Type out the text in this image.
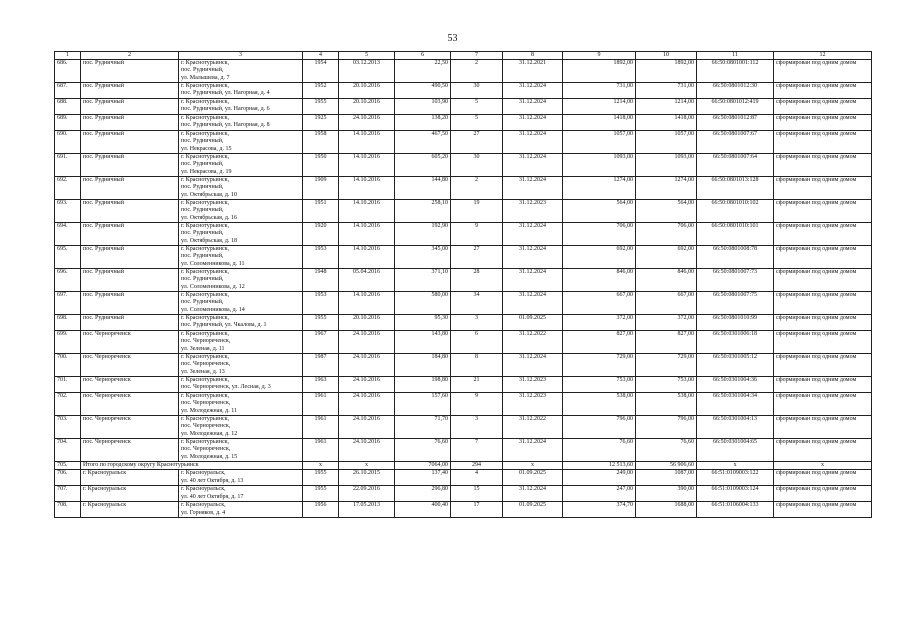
53
1	2	3	4	5	6	7	8	9	10	11	12
686.	пос. Рудничный	г. Краснотурьинск,
пос. Рудничный,
ул. Малышева, д. 7	1954	03.12.2013	22,50	2	31.12.2021	1892,00	1892,00	66:50:0801001:112	сформирован под одним домом
687.	пос. Рудничный	г. Краснотурьинск,
пос. Рудничный, ул. Нагорная, д. 4	1952	20.10.2016	490,50	30	31.12.2024	731,00	731,00	66:50:0801012:30	сформирован под одним домом
688.	пос. Рудничный	г. Краснотурьинск,
пос. Рудничный, ул. Нагорная, д. 6	1955	20.10.2016	103,90	5	31.12.2024	1214,00	1214,00	66:50:0801012:419	сформирован под одним домом
689.	пос. Рудничный	г. Краснотурьинск,
пос. Рудничный, ул. Нагорная, д. 8	1925	24.10.2016	138,20	5	31.12.2024	1418,00	1418,00	66:50:0801012:87	сформирован под одним домом
690.	пос. Рудничный	г. Краснотурьинск,
пос. Рудничный,
ул. Некрасова, д. 15	1958	14.10.2016	467,50	27	31.12.2024	1057,00	1057,00	66:50:0801007:67	сформирован под одним домом
691.	пос. Рудничный	г. Краснотурьинск,
пос. Рудничный,
ул. Некрасова, д. 19	1950	14.10.2016	605,20	30	31.12.2024	1093,00	1093,00	66:50:0801007:64	сформирован под одним домом
692.	пос. Рудничный	г. Краснотурьинск,
пос. Рудничный,
ул. Октябрьская, д. 10	1909	14.10.2016	144,80	2	31.12.2024	1274,00	1274,00	66:50:0801013:128	сформирован под одним домом
693.	пос. Рудничный	г. Краснотурьинск,
пос. Рудничный,
ул. Октябрьская, д. 16	1951	14.10.2016	258,10	19	31.12.2023	564,00	564,00	66:50:0801010:102	сформирован под одним домом
694.	пос. Рудничный	г. Краснотурьинск,
пос. Рудничный,
ул. Октябрьская, д. 18	1920	14.10.2016	192,90	9	31.12.2024	706,00	706,00	66:50:0801010:101	сформирован под одним домом
695.	пос. Рудничный	г. Краснотурьинск,
пос. Рудничный,
ул. Соломенникова, д. 11	1953	14.10.2016	345,00	27	31.12.2024	692,00	692,00	66:50:0801008:78	сформирован под одним домом
696.	пос. Рудничный	г. Краснотурьинск,
пос. Рудничный,
ул. Соломенникова, д. 12	1948	05.04.2016	371,10	28	31.12.2024	846,00	846,00	66:50:0801007:73	сформирован под одним домом
697.	пос. Рудничный	г. Краснотурьинск,
пос. Рудничный,
ул. Соломенникова, д. 14	1953	14.10.2016	580,00	34	31.12.2024	667,00	667,00	66:50:0801007:75	сформирован под одним домом
698.	пос. Рудничный	г. Краснотурьинск,
пос. Рудничный, ул. Чкалова, д. 1	1955	20.10.2016	95,30	3	01.09.2025	372,00	372,00	66:50:0801010:99	сформирован под одним домом
699.	пос. Чернореченск	г. Краснотурьинск,
пос. Чернореченск,
ул. Зеленая, д. 11	1967	24.10.2016	143,80	6	31.12.2022	827,00	827,00	66:50:0301006:18	сформирован под одним домом
700.	пос. Чернореченск	г. Краснотурьинск,
пос. Чернореченск,
ул. Зеленая, д. 13	1987	24.10.2016	184,80	8	31.12.2024	729,00	729,00	66:50:0301005:12	сформирован под одним домом
701.	пос. Чернореченск	г. Краснотурьинск,
пос. Чернореченск, ул. Лесная, д. 3	1963	24.10.2016	198,80	21	31.12.2023	753,00	753,00	66:50:0301004:36	сформирован под одним домом
702.	пос. Чернореченск	г. Краснотурьинск,
пос. Чернореченск,
ул. Молодежная, д. 11	1961	24.10.2016	157,60	9	31.12.2023	538,00	538,00	66:50:0301004:34	сформирован под одним домом
703.	пос. Чернореченск	г. Краснотурьинск,
пос. Чернореченск,
ул. Молодежная, д. 12	1961	24.10.2016	71,70	3	31.12.2022	796,00	796,00	66:50:0301004:13	сформирован под одним домом
704.	пос. Чернореченск	г. Краснотурьинск,
пос. Чернореченск,
ул. Молодежная, д. 15	1961	24.10.2016	76,60	7	31.12.2024	76,60	76,60	66:50:0301004:65	сформирован под одним домом
705.	Итого по городскому округу Краснотурьинск		x	x	7064,00	294	x	12 513,60	56 906,60	x	x
706.	г. Красноуральск	г. Красноуральск,
ул. 40 лет Октября, д. 13	1955	26.10.2015	137,40	4	01.09.2025	249,00	1087,00	66:51:0109003:122	сформирован под одним домом
707.	г. Красноуральск	г. Красноуральск,
ул. 40 лет Октября, д. 17	1955	22.09.2016	296,80	15	31.12.2024	247,00	390,00	66:51:0109003:124	сформирован под одним домом
708.	г. Красноуральск	г. Красноуральск,
ул. Горняков, д. 4	1956	17.05.2013	400,40	17	01.09.2025	374,70	1688,00	66:51:0106004:133	сформирован под одним домом
